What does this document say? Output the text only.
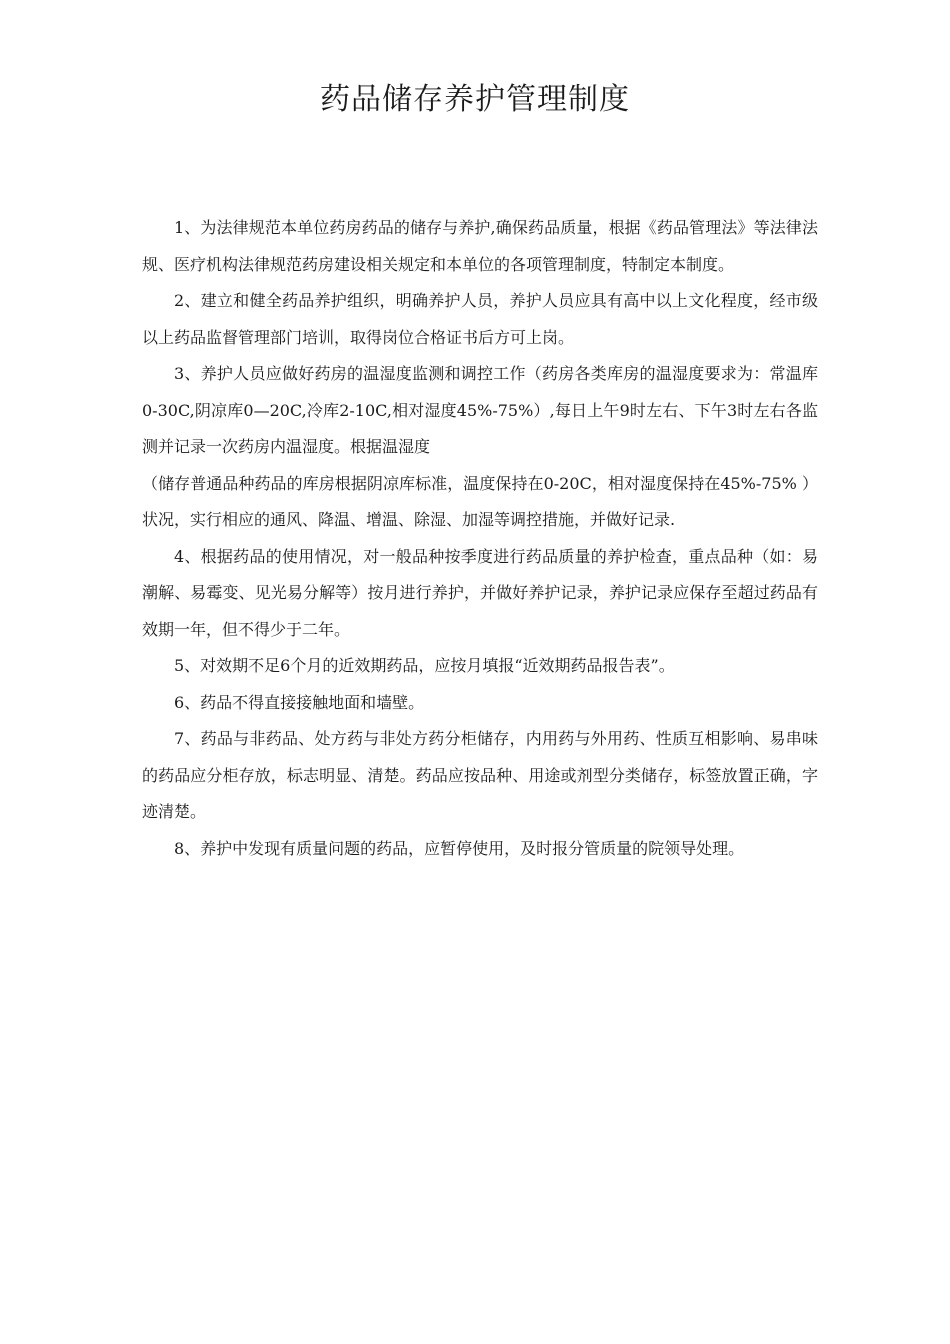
药品储存养护管理制度

1、为法律规范本单位药房药品的储存与养护,确保药品质量，根据《药品管理法》等法律法规、医疗机构法律规范药房建设相关规定和本单位的各项管理制度，特制定本制度。

2、建立和健全药品养护组织，明确养护人员，养护人员应具有高中以上文化程度，经市级以上药品监督管理部门培训，取得岗位合格证书后方可上岗。

3、养护人员应做好药房的温湿度监测和调控工作（药房各类库房的温湿度要求为：常温库0-30C,阴凉库0—20C,冷库2-10C,相对湿度45%-75%）,每日上午9时左右、下午3时左右各监测并记录一次药房内温湿度。根据温湿度

（储存普通品种药品的库房根据阴凉库标准，温度保持在0-20C，相对湿度保持在45%-75% ）状况，实行相应的通风、降温、增温、除湿、加湿等调控措施，并做好记录.

4、根据药品的使用情况，对一般品种按季度进行药品质量的养护检查，重点品种（如：易潮解、易霉变、见光易分解等）按月进行养护，并做好养护记录，养护记录应保存至超过药品有效期一年，但不得少于二年。

5、对效期不足6个月的近效期药品，应按月填报“近效期药品报告表”。

6、药品不得直接接触地面和墙壁。

7、药品与非药品、处方药与非处方药分柜储存，内用药与外用药、性质互相影响、易串味的药品应分柜存放，标志明显、清楚。药品应按品种、用途或剂型分类储存，标签放置正确，字迹清楚。

8、养护中发现有质量问题的药品，应暂停使用，及时报分管质量的院领导处理。
